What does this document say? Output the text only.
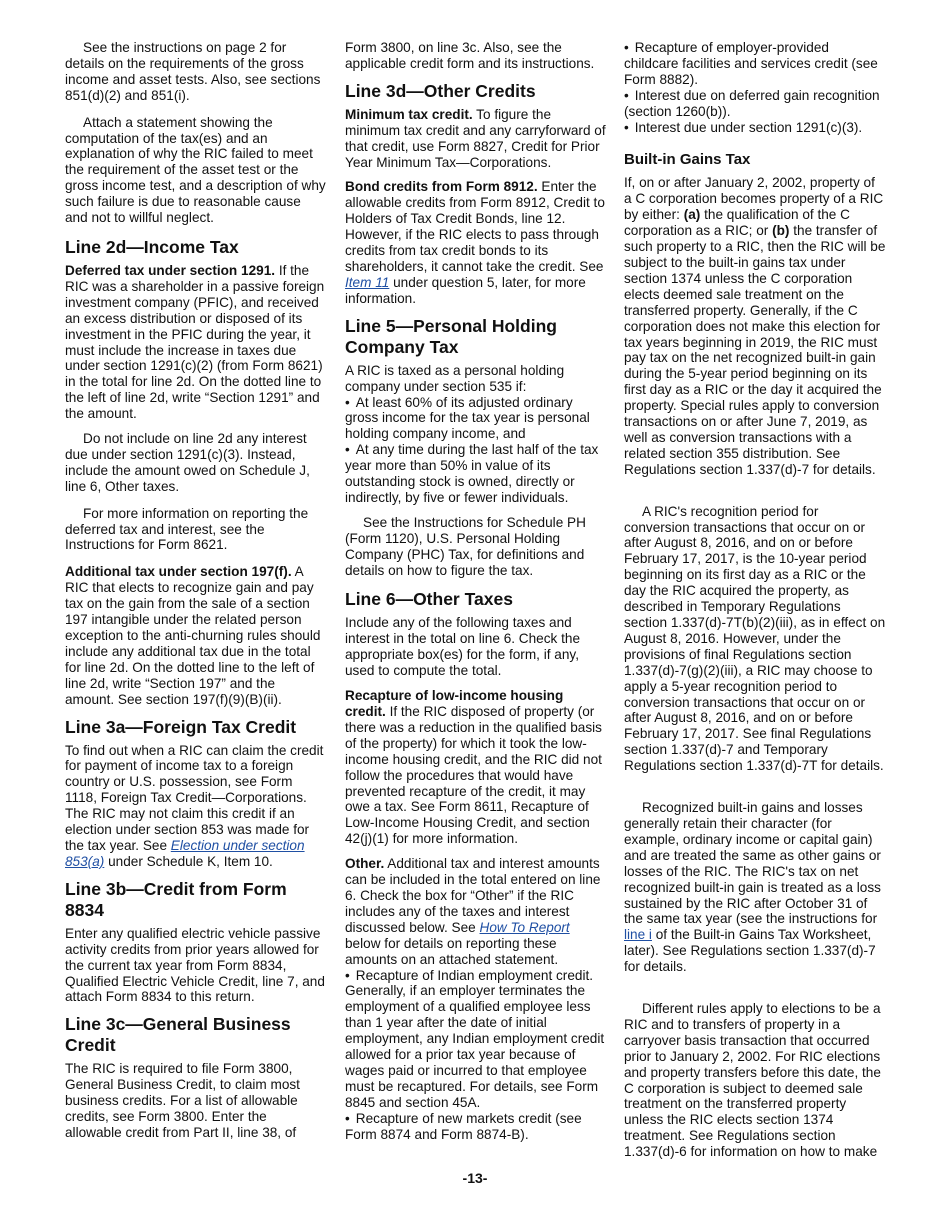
See the instructions on page 2 for details on the requirements of the gross income and asset tests. Also, see sections 851(d)(2) and 851(i).

Attach a statement showing the computation of the tax(es) and an explanation of why the RIC failed to meet the requirement of the asset test or the gross income test, and a description of why such failure is due to reasonable cause and not to willful neglect.

Line 2d—Income Tax

Deferred tax under section 1291. If the RIC was a shareholder in a passive foreign investment company (PFIC), and received an excess distribution or disposed of its investment in the PFIC during the year, it must include the increase in taxes due under section 1291(c)(2) (from Form 8621) in the total for line 2d. On the dotted line to the left of line 2d, write “Section 1291” and the amount.

Do not include on line 2d any interest due under section 1291(c)(3). Instead, include the amount owed on Schedule J, line 6, Other taxes.

For more information on reporting the deferred tax and interest, see the Instructions for Form 8621.

Additional tax under section 197(f). A RIC that elects to recognize gain and pay tax on the gain from the sale of a section 197 intangible under the related person exception to the anti-churning rules should include any additional tax due in the total for line 2d. On the dotted line to the left of line 2d, write “Section 197” and the amount. See section 197(f)(9)(B)(ii).

Line 3a—Foreign Tax Credit

To find out when a RIC can claim the credit for payment of income tax to a foreign country or U.S. possession, see Form 1118, Foreign Tax Credit—Corporations. The RIC may not claim this credit if an election under section 853 was made for the tax year. See Election under section 853(a) under Schedule K, Item 10.

Line 3b—Credit from Form 8834

Enter any qualified electric vehicle passive activity credits from prior years allowed for the current tax year from Form 8834, Qualified Electric Vehicle Credit, line 7, and attach Form 8834 to this return.

Line 3c—General Business Credit

The RIC is required to file Form 3800, General Business Credit, to claim most business credits. For a list of allowable credits, see Form 3800. Enter the allowable credit from Part II, line 38, of

Form 3800, on line 3c. Also, see the applicable credit form and its instructions.

Line 3d—Other Credits

Minimum tax credit. To figure the minimum tax credit and any carryforward of that credit, use Form 8827, Credit for Prior Year Minimum Tax—Corporations.

Bond credits from Form 8912. Enter the allowable credits from Form 8912, Credit to Holders of Tax Credit Bonds, line 12. However, if the RIC elects to pass through credits from tax credit bonds to its shareholders, it cannot take the credit. See Item 11 under question 5, later, for more information.

Line 5—Personal Holding Company Tax

A RIC is taxed as a personal holding company under section 535 if:

• At least 60% of its adjusted ordinary gross income for the tax year is personal holding company income, and
• At any time during the last half of the tax year more than 50% in value of its outstanding stock is owned, directly or indirectly, by five or fewer individuals.

See the Instructions for Schedule PH (Form 1120), U.S. Personal Holding Company (PHC) Tax, for definitions and details on how to figure the tax.

Line 6—Other Taxes

Include any of the following taxes and interest in the total on line 6. Check the appropriate box(es) for the form, if any, used to compute the total.

Recapture of low-income housing credit. If the RIC disposed of property (or there was a reduction in the qualified basis of the property) for which it took the low-income housing credit, and the RIC did not follow the procedures that would have prevented recapture of the credit, it may owe a tax. See Form 8611, Recapture of Low-Income Housing Credit, and section 42(j)(1) for more information.

Other. Additional tax and interest amounts can be included in the total entered on line 6. Check the box for “Other” if the RIC includes any of the taxes and interest discussed below. See How To Report below for details on reporting these amounts on an attached statement.

• Recapture of Indian employment credit. Generally, if an employer terminates the employment of a qualified employee less than 1 year after the date of initial employment, any Indian employment credit allowed for a prior tax year because of wages paid or incurred to that employee must be recaptured. For details, see Form 8845 and section 45A.
• Recapture of new markets credit (see Form 8874 and Form 8874-B).
• Recapture of employer-provided childcare facilities and services credit (see Form 8882).
• Interest due on deferred gain recognition (section 1260(b)).
• Interest due under section 1291(c)(3).
Built-in Gains Tax

If, on or after January 2, 2002, property of a C corporation becomes property of a RIC by either: (a) the qualification of the C corporation as a RIC; or (b) the transfer of such property to a RIC, then the RIC will be subject to the built-in gains tax under section 1374 unless the C corporation elects deemed sale treatment on the transferred property. Generally, if the C corporation does not make this election for tax years beginning in 2019, the RIC must pay tax on the net recognized built-in gain during the 5-year period beginning on its first day as a RIC or the day it acquired the property. Special rules apply to conversion transactions on or after June 7, 2019, as well as conversion transactions with a related section 355 distribution. See Regulations section 1.337(d)-7 for details.

A RIC's recognition period for conversion transactions that occur on or after August 8, 2016, and on or before February 17, 2017, is the 10-year period beginning on its first day as a RIC or the day the RIC acquired the property, as described in Temporary Regulations section 1.337(d)-7T(b)(2)(iii), as in effect on August 8, 2016. However, under the provisions of final Regulations section 1.337(d)-7(g)(2)(iii), a RIC may choose to apply a 5-year recognition period to conversion transactions that occur on or after August 8, 2016, and on or before February 17, 2017. See final Regulations section 1.337(d)-7 and Temporary Regulations section 1.337(d)-7T for details.

Recognized built-in gains and losses generally retain their character (for example, ordinary income or capital gain) and are treated the same as other gains or losses of the RIC. The RIC's tax on net recognized built-in gain is treated as a loss sustained by the RIC after October 31 of the same tax year (see the instructions for line i of the Built-in Gains Tax Worksheet, later). See Regulations section 1.337(d)-7 for details.

Different rules apply to elections to be a RIC and to transfers of property in a carryover basis transaction that occurred prior to January 2, 2002. For RIC elections and property transfers before this date, the C corporation is subject to deemed sale treatment on the transferred property unless the RIC elects section 1374 treatment. See Regulations section 1.337(d)-6 for information on how to make

-13-
